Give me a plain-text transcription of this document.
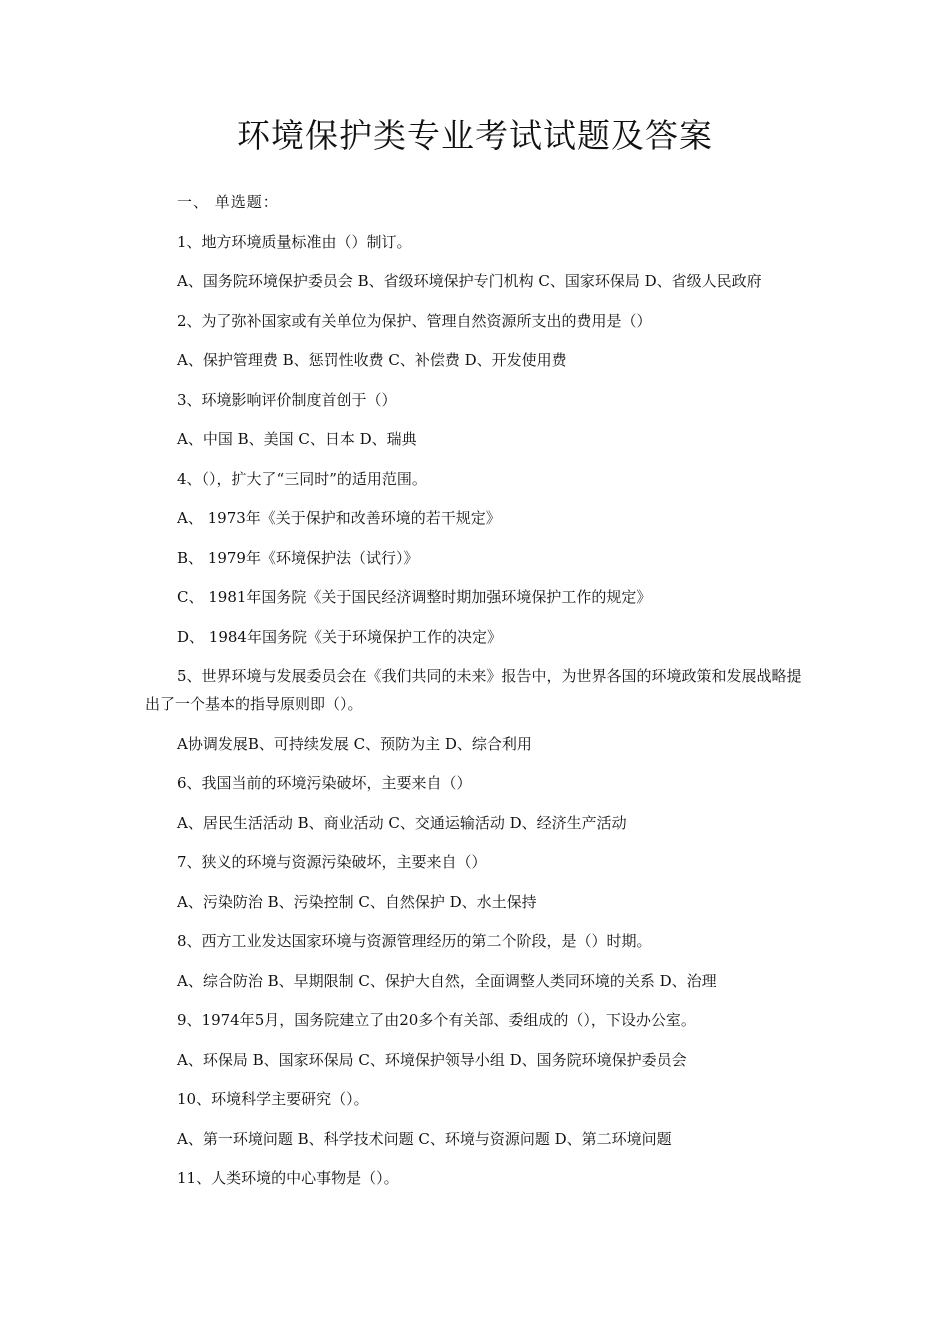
环境保护类专业考试试题及答案

一、 单选题：

1、地方环境质量标准由（）制订。

A、国务院环境保护委员会 B、省级环境保护专门机构 C、国家环保局 D、省级人民政府

2、为了弥补国家或有关单位为保护、管理自然资源所支出的费用是（）

A、保护管理费 B、惩罚性收费 C、补偿费 D、开发使用费

3、环境影响评价制度首创于（）

A、中国 B、美国 C、日本 D、瑞典

4、（），扩大了“三同时”的适用范围。

A、 1973年《关于保护和改善环境的若干规定》

B、 1979年《环境保护法（试行）》

C、 1981年国务院《关于国民经济调整时期加强环境保护工作的规定》

D、 1984年国务院《关于环境保护工作的决定》

5、世界环境与发展委员会在《我们共同的未来》报告中，为世界各国的环境政策和发展战略提出了一个基本的指导原则即（）。

A协调发展B、可持续发展 C、预防为主 D、综合利用

6、我国当前的环境污染破坏，主要来自（）

A、居民生活活动 B、商业活动 C、交通运输活动 D、经济生产活动

7、狭义的环境与资源污染破坏，主要来自（）

A、污染防治 B、污染控制 C、自然保护 D、水土保持

8、西方工业发达国家环境与资源管理经历的第二个阶段，是（）时期。

A、综合防治 B、早期限制 C、保护大自然，全面调整人类同环境的关系 D、治理

9、1974年5月，国务院建立了由20多个有关部、委组成的（），下设办公室。

A、环保局 B、国家环保局 C、环境保护领导小组 D、国务院环境保护委员会

10、环境科学主要研究（）。

A、第一环境问题 B、科学技术问题 C、环境与资源问题 D、第二环境问题

11、人类环境的中心事物是（）。
